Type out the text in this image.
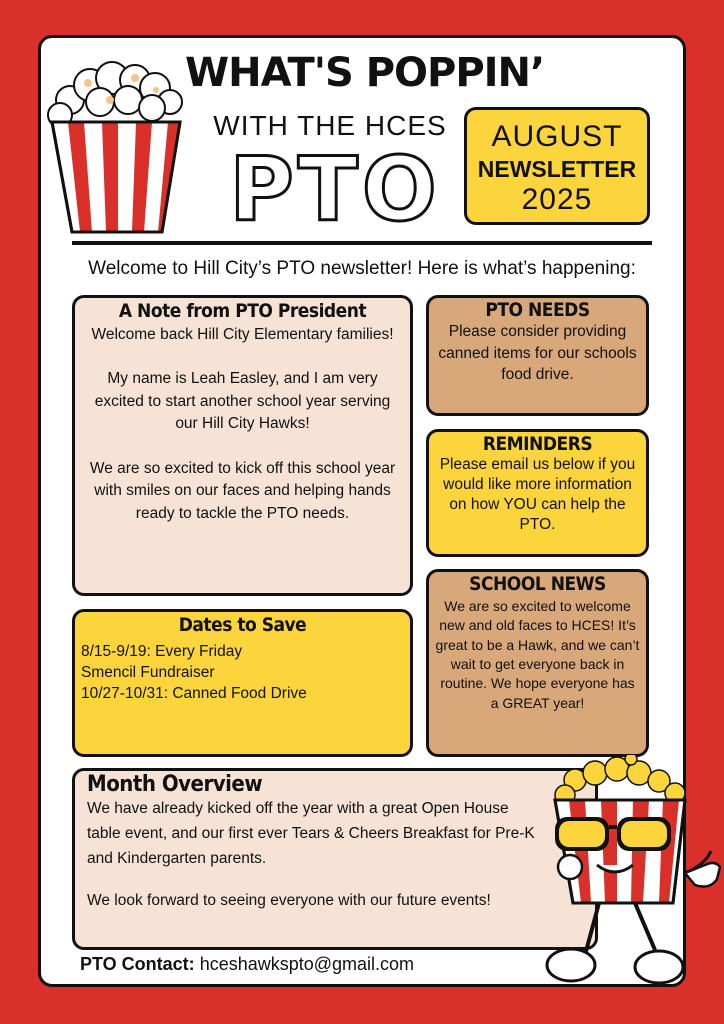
WHAT'S POPPIN’
WITH THE HCES
PTO
AUGUST
NEWSLETTER
2025
Welcome to Hill City’s PTO newsletter! Here is what’s happening:
A Note from PTO President
Welcome back Hill City Elementary families!
My name is Leah Easley, and I am very excited to start another school year serving our Hill City Hawks!
We are so excited to kick off this school year with smiles on our faces and helping hands ready to tackle the PTO needs.
Dates to Save
8/15-9/19: Every Friday
Smencil Fundraiser
10/27-10/31: Canned Food Drive
PTO NEEDS
Please consider providing canned items for our schools food drive.
REMINDERS
Please email us below if you would like more information on how YOU can help the PTO.
SCHOOL NEWS
We are so excited to welcome new and old faces to HCES! It’s great to be a Hawk, and we can’t wait to get everyone back in routine. We hope everyone has a GREAT year!
Month Overview
We have already kicked off the year with a great Open House table event, and our first ever Tears & Cheers Breakfast for Pre-K and Kindergarten parents.
We look forward to seeing everyone with our future events!
PTO Contact: hceshawkspto@gmail.com
